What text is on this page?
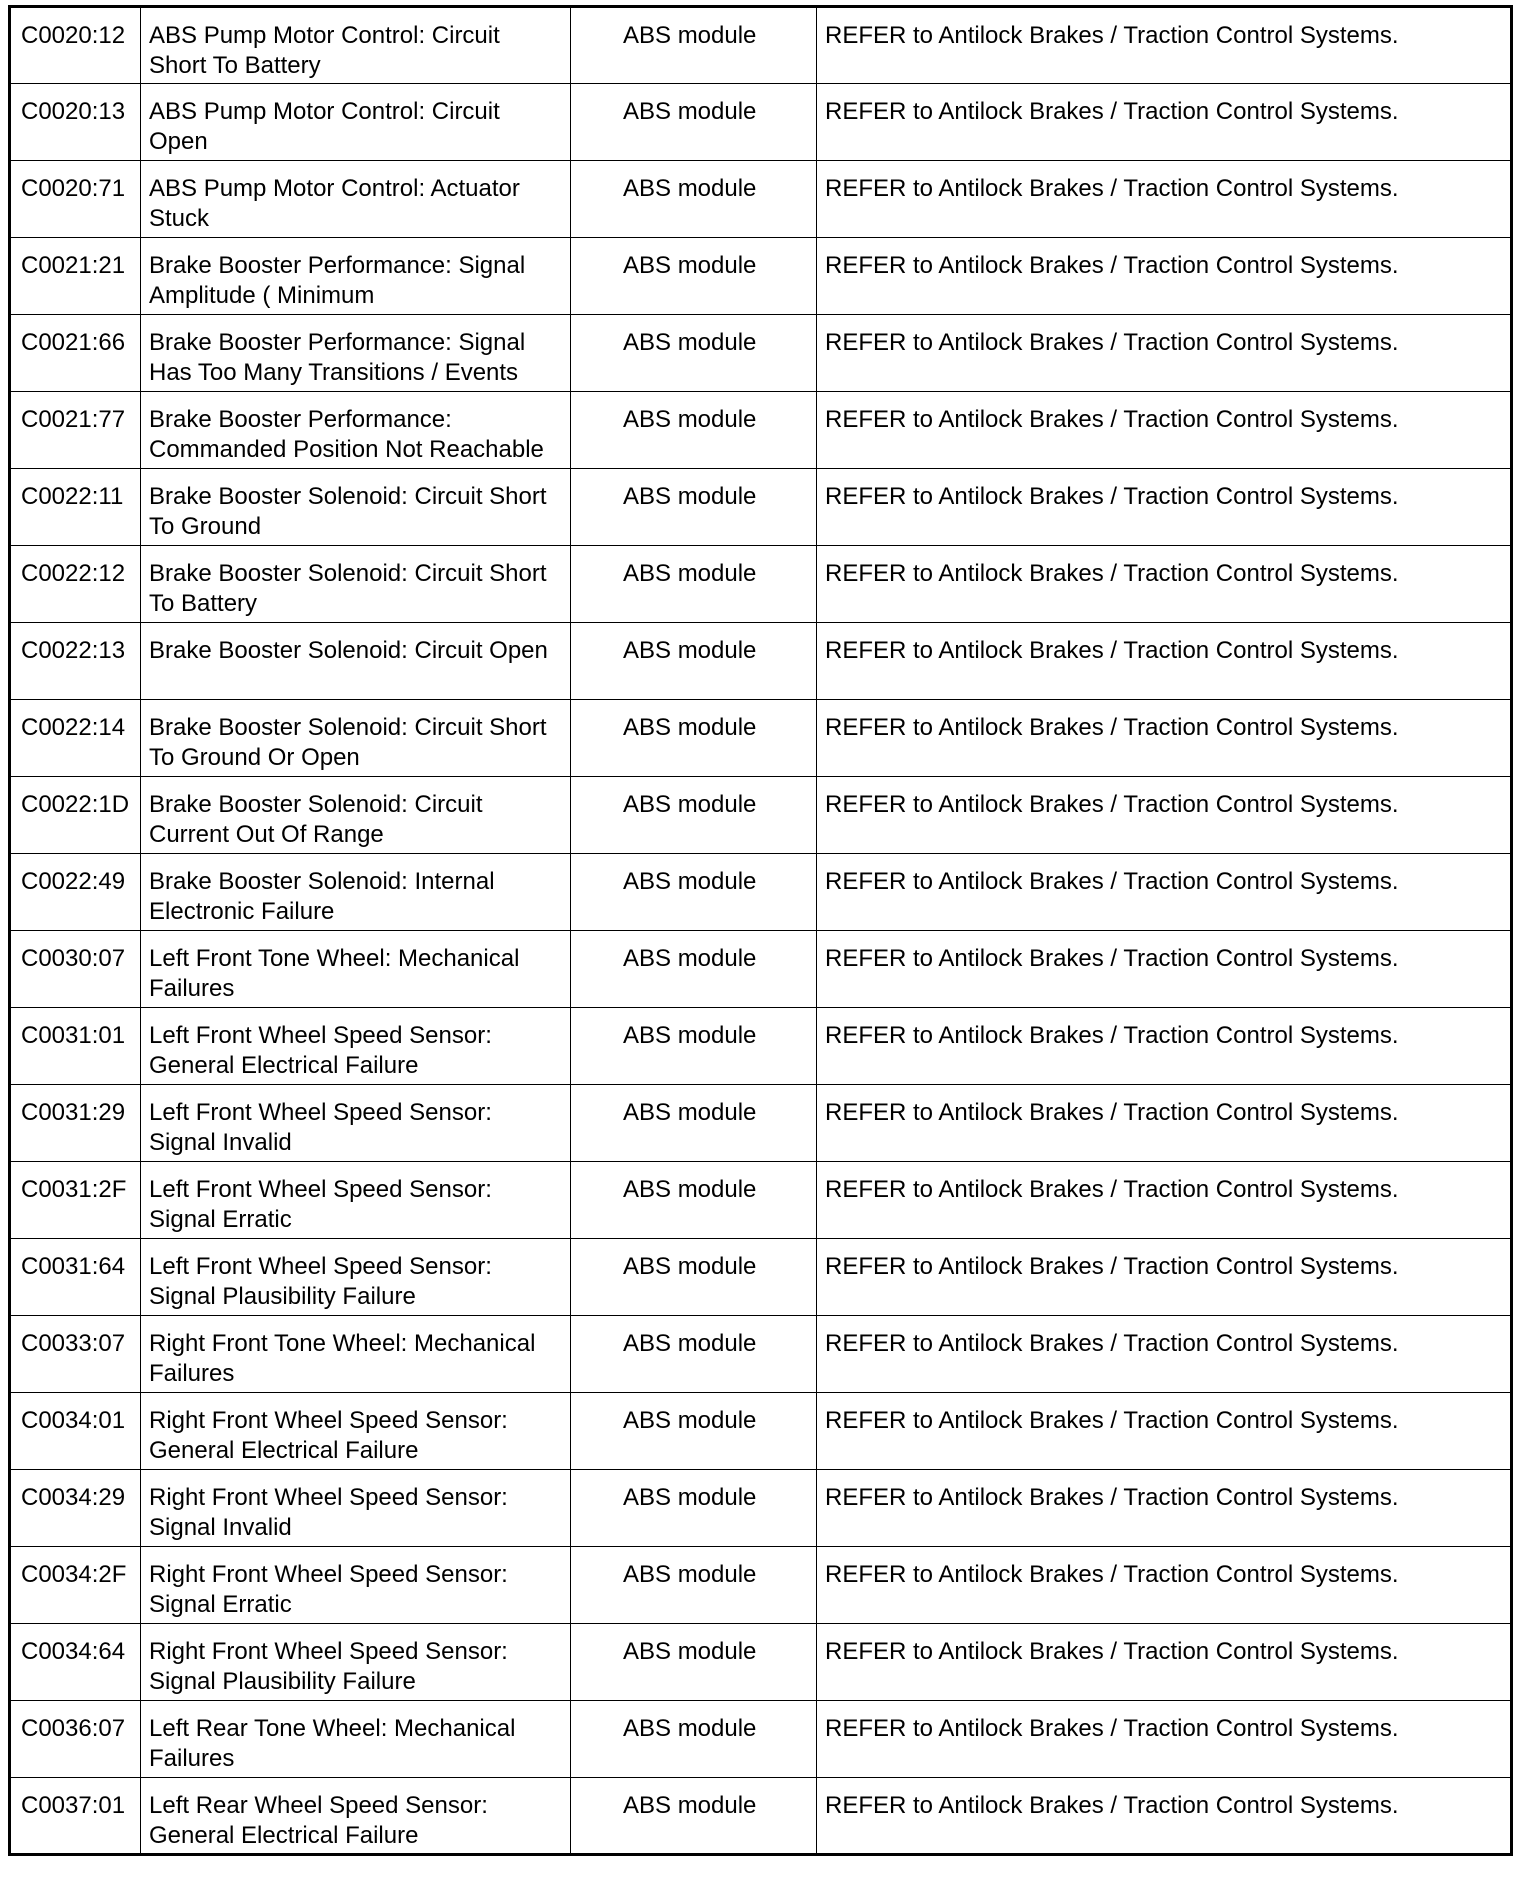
C0020:12	ABS Pump Motor Control: Circuit Short To Battery	ABS module	REFER to Antilock Brakes / Traction Control Systems.
C0020:13	ABS Pump Motor Control: Circuit Open	ABS module	REFER to Antilock Brakes / Traction Control Systems.
C0020:71	ABS Pump Motor Control: Actuator Stuck	ABS module	REFER to Antilock Brakes / Traction Control Systems.
C0021:21	Brake Booster Performance: Signal Amplitude ( Minimum	ABS module	REFER to Antilock Brakes / Traction Control Systems.
C0021:66	Brake Booster Performance: Signal Has Too Many Transitions / Events	ABS module	REFER to Antilock Brakes / Traction Control Systems.
C0021:77	Brake Booster Performance: Commanded Position Not Reachable	ABS module	REFER to Antilock Brakes / Traction Control Systems.
C0022:11	Brake Booster Solenoid: Circuit Short To Ground	ABS module	REFER to Antilock Brakes / Traction Control Systems.
C0022:12	Brake Booster Solenoid: Circuit Short To Battery	ABS module	REFER to Antilock Brakes / Traction Control Systems.
C0022:13	Brake Booster Solenoid: Circuit Open	ABS module	REFER to Antilock Brakes / Traction Control Systems.
C0022:14	Brake Booster Solenoid: Circuit Short To Ground Or Open	ABS module	REFER to Antilock Brakes / Traction Control Systems.
C0022:1D	Brake Booster Solenoid: Circuit Current Out Of Range	ABS module	REFER to Antilock Brakes / Traction Control Systems.
C0022:49	Brake Booster Solenoid: Internal Electronic Failure	ABS module	REFER to Antilock Brakes / Traction Control Systems.
C0030:07	Left Front Tone Wheel: Mechanical Failures	ABS module	REFER to Antilock Brakes / Traction Control Systems.
C0031:01	Left Front Wheel Speed Sensor: General Electrical Failure	ABS module	REFER to Antilock Brakes / Traction Control Systems.
C0031:29	Left Front Wheel Speed Sensor: Signal Invalid	ABS module	REFER to Antilock Brakes / Traction Control Systems.
C0031:2F	Left Front Wheel Speed Sensor: Signal Erratic	ABS module	REFER to Antilock Brakes / Traction Control Systems.
C0031:64	Left Front Wheel Speed Sensor: Signal Plausibility Failure	ABS module	REFER to Antilock Brakes / Traction Control Systems.
C0033:07	Right Front Tone Wheel: Mechanical Failures	ABS module	REFER to Antilock Brakes / Traction Control Systems.
C0034:01	Right Front Wheel Speed Sensor: General Electrical Failure	ABS module	REFER to Antilock Brakes / Traction Control Systems.
C0034:29	Right Front Wheel Speed Sensor: Signal Invalid	ABS module	REFER to Antilock Brakes / Traction Control Systems.
C0034:2F	Right Front Wheel Speed Sensor: Signal Erratic	ABS module	REFER to Antilock Brakes / Traction Control Systems.
C0034:64	Right Front Wheel Speed Sensor: Signal Plausibility Failure	ABS module	REFER to Antilock Brakes / Traction Control Systems.
C0036:07	Left Rear Tone Wheel: Mechanical Failures	ABS module	REFER to Antilock Brakes / Traction Control Systems.
C0037:01	Left Rear Wheel Speed Sensor: General Electrical Failure	ABS module	REFER to Antilock Brakes / Traction Control Systems.
